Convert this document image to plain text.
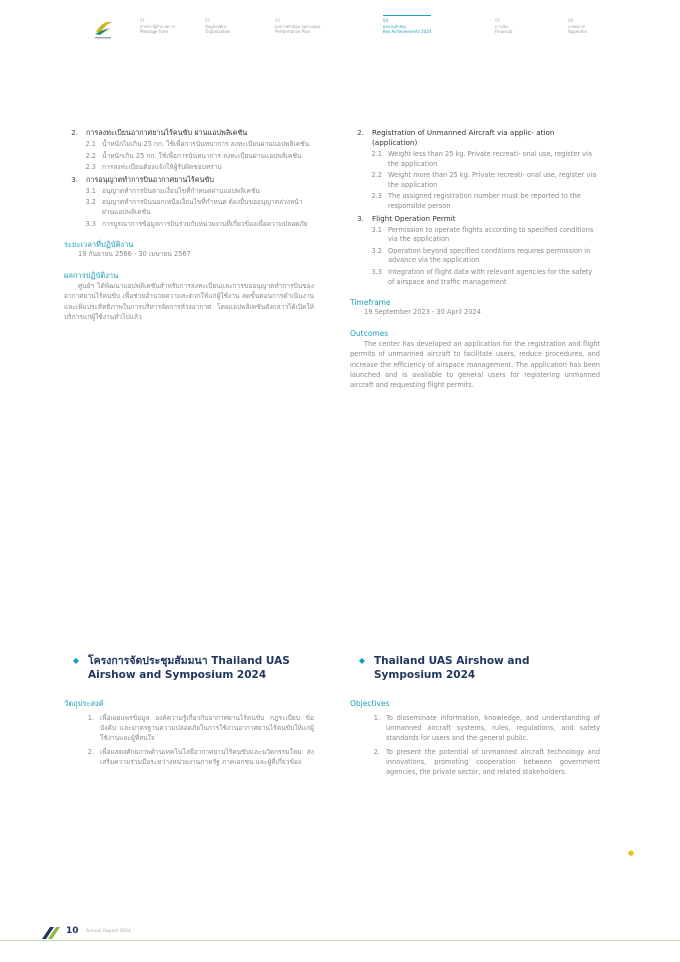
01
สารจากผู้อำนวยการ
Message from
02
ข้อมูลองค์กร
Organization
03
ผลการดำเนินงานตามแผน
Performance Plan
04
ผลงานสำคัญ
Key Achievements 2024
05
การเงิน
Financial
06
ภาคผนวก
Appendix
2.	การลงทะเบียนอากาศยานไร้คนขับ ผ่านแอปพลิเคชัน
2.1 น้ำหนักไม่เกิน 25 กก. ใช้เพื่อการนันทนาการ ลงทะเบียนผ่านแอปพลิเคชัน
2.2 น้ำหนักเกิน 25 กก. ใช้เพื่อการนันทนาการ ลงทะเบียนผ่านแอปพลิเคชัน
2.3 การลงทะเบียนต้องแจ้งให้ผู้รับผิดชอบทราบ
3.	การอนุญาตทำการบินอากาศยานไร้คนขับ
3.1 อนุญาตทำการบินตามเงื่อนไขที่กำหนดผ่านแอปพลิเคชัน
3.2 อนุญาตทำการบินนอกเหนือเงื่อนไขที่กำหนด ต้องยื่นขออนุญาตล่วงหน้าผ่านแอปพลิเคชัน
3.3 การบูรณาการข้อมูลการบินร่วมกับหน่วยงานที่เกี่ยวข้องเพื่อความปลอดภัย
ระยะเวลาที่ปฏิบัติงาน
19 กันยายน 2566 - 30 เมษายน 2567
ผลการปฏิบัติงาน
ศูนย์ฯ ได้พัฒนาแอปพลิเคชันสำหรับการลงทะเบียนและการขออนุญาตทำการบินของอากาศยานไร้คนขับ เพื่อช่วยอำนวยความสะดวกให้แก่ผู้ใช้งาน ลดขั้นตอนการดำเนินงาน และเพิ่มประสิทธิภาพในการบริหารจัดการห้วงอากาศ โดยแอปพลิเคชันดังกล่าวได้เปิดให้บริการแก่ผู้ใช้งานทั่วไปแล้ว
2.	Registration of Unmanned Aircraft via applic- ation (application)
2.1 Weight less than 25 kg. Private recreati- onal use, register via the application
2.2 Weight more than 25 kg. Private recreati- onal use, register via the application
2.3 The assigned registration number must be reported to the responsible person
3.	Flight Operation Permit
3.1 Permission to operate flights according to specified conditions via the application
3.2 Operation beyond specified conditions requires permission in advance via the application
3.3 Integration of flight data with relevant agencies for the safety of airspace and traffic management
Timeframe
19 September 2023 - 30 April 2024
Outcomes
The center has developed an application for the registration and flight permits of unmanned aircraft to facilitate users, reduce procedures, and increase the efficiency of airspace management. The application has been launched and is available to general users for registering unmanned aircraft and requesting flight permits.
◆ โครงการจัดประชุมสัมมนา Thailand UAS Airshow and Symposium 2024
วัตถุประสงค์
1. เพื่อเผยแพร่ข้อมูล องค์ความรู้เกี่ยวกับอากาศยานไร้คนขับ กฎระเบียบ ข้อบังคับ และมาตรฐานความปลอดภัยในการใช้งานอากาศยานไร้คนขับให้แก่ผู้ใช้งานและผู้ที่สนใจ
2. เพื่อแสดงศักยภาพด้านเทคโนโลยีอากาศยานไร้คนขับและนวัตกรรมใหม่ ส่งเสริมความร่วมมือระหว่างหน่วยงานภาครัฐ ภาคเอกชน และผู้ที่เกี่ยวข้อง
◆ Thailand UAS Airshow and Symposium 2024
Objectives
1. To disseminate information, knowledge, and understanding of unmanned aircraft systems, rules, regulations, and safety standards for users and the general public.
2. To present the potential of unmanned aircraft technology and innovations, promoting cooperation between government agencies, the private sector, and related stakeholders.
●
10 Annual Report 2024
